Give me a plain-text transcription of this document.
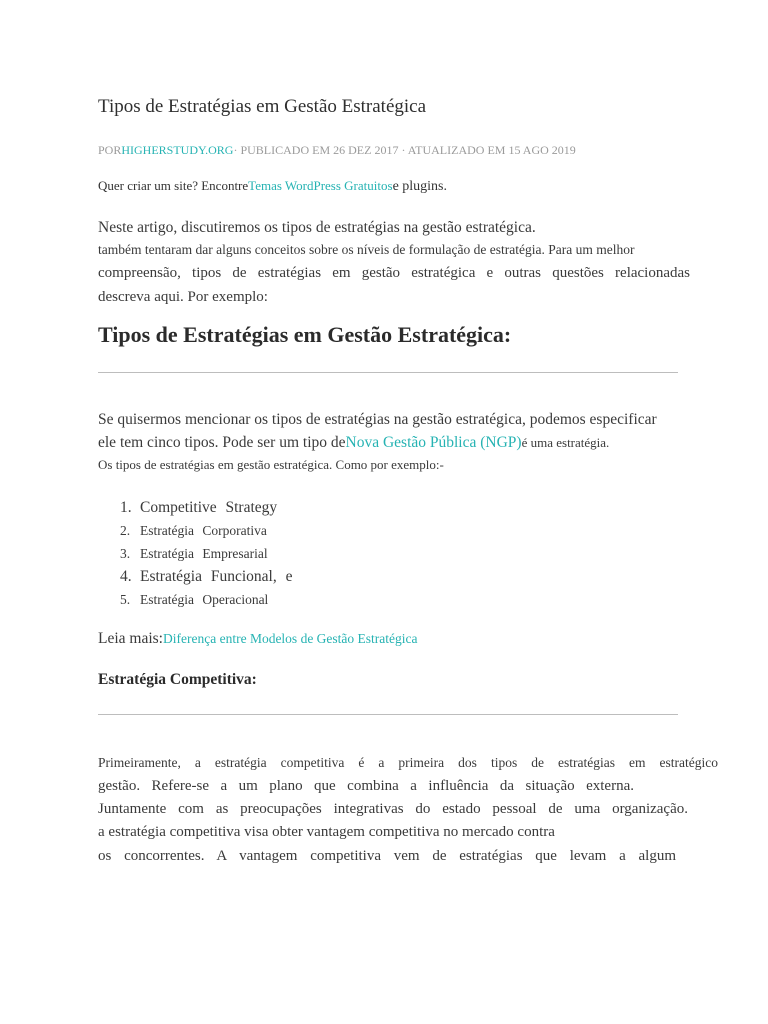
Tipos de Estratégias em Gestão Estratégica
PORHIGHERSTUDY.ORG· PUBLICADO EM 26 DEZ 2017 · ATUALIZADO EM 15 AGO 2019
Quer criar um site? EncontreTemas WordPress Gratuitose plugins.
Neste artigo, discutiremos os tipos de estratégias na gestão estratégica.
também tentaram dar alguns conceitos sobre os níveis de formulação de estratégia. Para um melhor
compreensão, tipos de estratégias em gestão estratégica e outras questões relacionadas
descreva aqui. Por exemplo:
Tipos de Estratégias em Gestão Estratégica:
Se quisermos mencionar os tipos de estratégias na gestão estratégica, podemos especificar
ele tem cinco tipos. Pode ser um tipo deNova Gestão Pública (NGP)é uma estratégia.
Os tipos de estratégias em gestão estratégica. Como por exemplo:-
1. Competitive Strategy
2. Estratégia Corporativa
3. Estratégia Empresarial
4. Estratégia Funcional, e
5. Estratégia Operacional
Leia mais:Diferença entre Modelos de Gestão Estratégica
Estratégia Competitiva:
Primeiramente, a estratégia competitiva é a primeira dos tipos de estratégias em estratégico
gestão. Refere-se a um plano que combina a influência da situação externa.
Juntamente com as preocupações integrativas do estado pessoal de uma organização.
a estratégia competitiva visa obter vantagem competitiva no mercado contra
os concorrentes. A vantagem competitiva vem de estratégias que levam a algum
